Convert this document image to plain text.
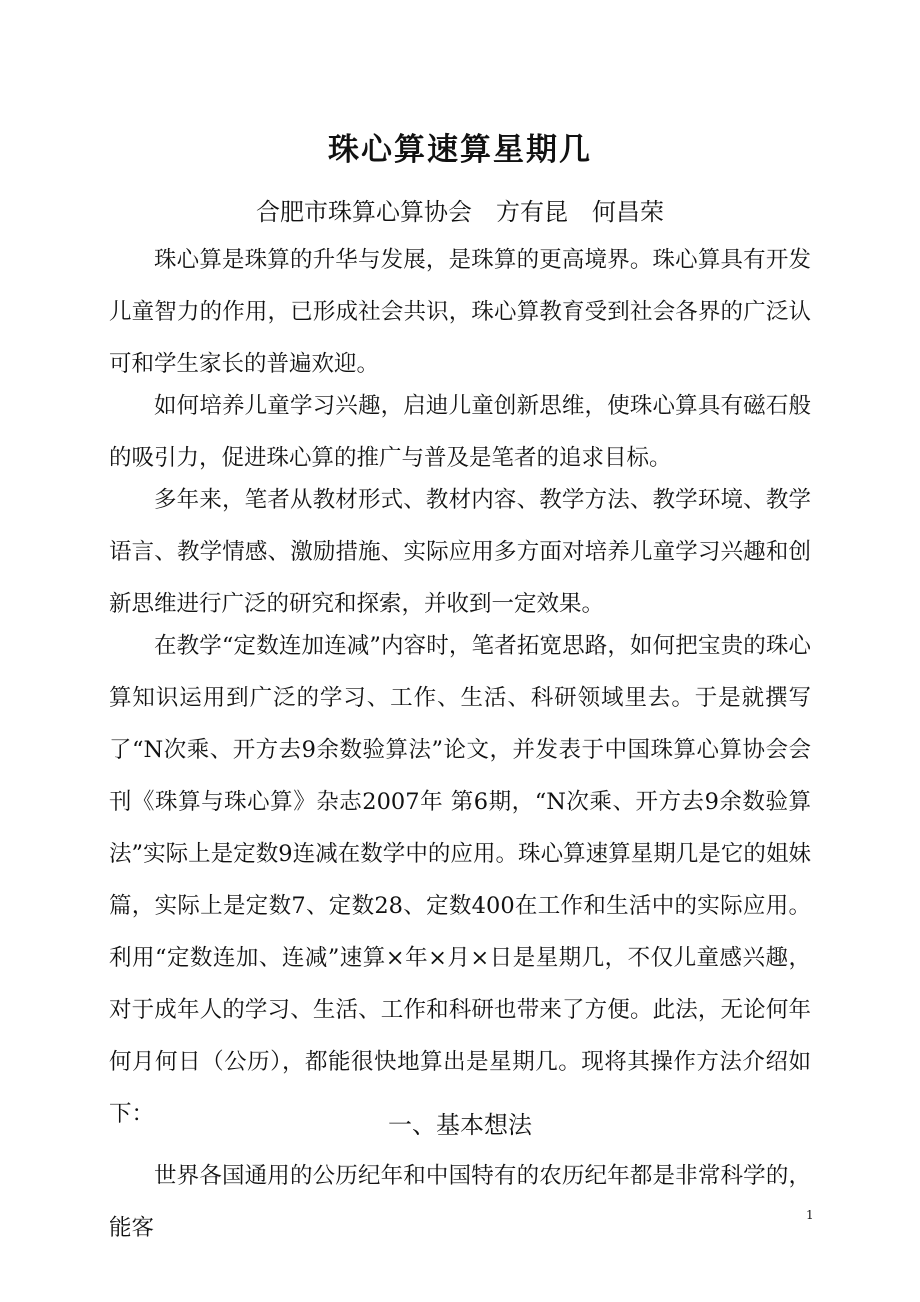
珠心算速算星期几
合肥市珠算心算协会　方有昆　何昌荣

珠心算是珠算的升华与发展，是珠算的更高境界。珠心算具有开发儿童智力的作用，已形成社会共识，珠心算教育受到社会各界的广泛认可和学生家长的普遍欢迎。

如何培养儿童学习兴趣，启迪儿童创新思维，使珠心算具有磁石般的吸引力，促进珠心算的推广与普及是笔者的追求目标。

多年来，笔者从教材形式、教材内容、教学方法、教学环境、教学语言、教学情感、激励措施、实际应用多方面对培养儿童学习兴趣和创新思维进行广泛的研究和探索，并收到一定效果。

在教学“定数连加连减”内容时，笔者拓宽思路，如何把宝贵的珠心算知识运用到广泛的学习、工作、生活、科研领域里去。于是就撰写了“N次乘、开方去9余数验算法”论文，并发表于中国珠算心算协会会刊《珠算与珠心算》杂志2007年 第6期，“N次乘、开方去9余数验算法”实际上是定数9连减在数学中的应用。珠心算速算星期几是它的姐妹篇，实际上是定数7、定数28、定数400在工作和生活中的实际应用。利用“定数连加、连减”速算×年×月×日是星期几，不仅儿童感兴趣，对于成年人的学习、生活、工作和科研也带来了方便。此法，无论何年何月何日（公历），都能很快地算出是星期几。现将其操作方法介绍如下：	一、基本想法

世界各国通用的公历纪年和中国特有的农历纪年都是非常科学的，能客	1
